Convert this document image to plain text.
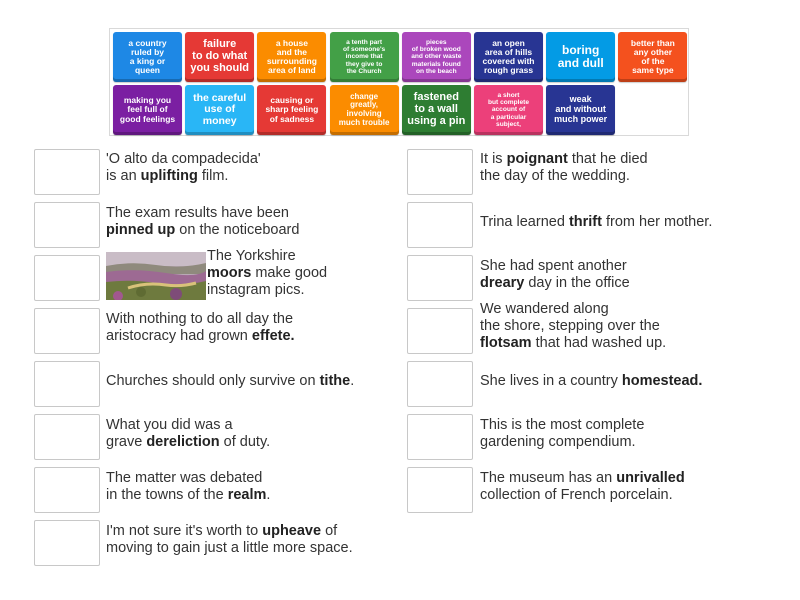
a country
ruled by
a king or
queen
failure
to do what
you should
a house
and the
surrounding
area of land
a tenth part
of someone's
income that
they give to
the Church
pieces
of broken wood
and other waste
materials found
on the beach
an open
area of hills
covered with
rough grass
boring
and dull
better than
any other
of the
same type
making you
feel full of
good feelings
the careful
use of
money
causing or
sharp feeling
of sadness
change
greatly,
involving
much trouble
fastened
to a wall
using a pin
a short
but complete
account of
a particular
subject,
weak
and without
much power
'O alto da compadecida'
is an uplifting film.
The exam results have been
pinned up on the noticeboard
The Yorkshire
moors make good
instagram pics.
With nothing to do all day the
aristocracy had grown effete.
Churches should only survive on tithe.
What you did was a
grave dereliction of duty.
The matter was debated
in the towns of the realm.
I'm not sure it's worth to upheave of
moving to gain just a little more space.
It is poignant that he died
the day of the wedding.
Trina learned thrift from her mother.
She had spent another
dreary day in the office
We wandered along
the shore, stepping over the
flotsam that had washed up.
She lives in a country homestead.
This is the most complete
gardening compendium.
The museum has an unrivalled
collection of French porcelain.
